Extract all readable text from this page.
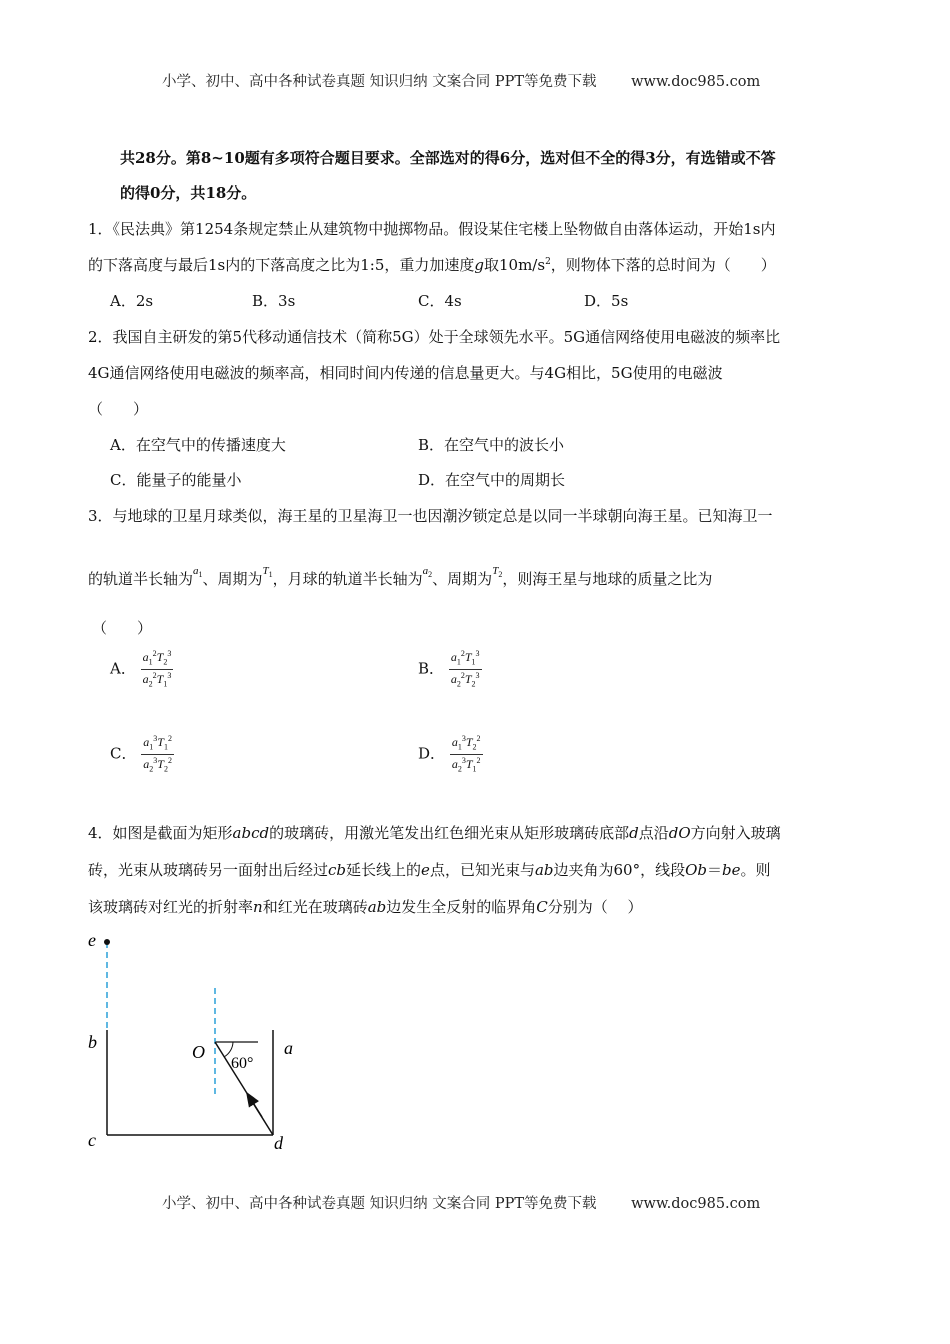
小学、初中、高中各种试卷真题 知识归纳 文案合同 PPT等免费下载 www.doc985.com
共28分。第8~10题有多项符合题目要求。全部选对的得6分，选对但不全的得3分，有选错或不答
的得0分，共18分。
1．《民法典》第1254条规定禁止从建筑物中抛掷物品。假设某住宅楼上坠物做自由落体运动，开始1s内
的下落高度与最后1s内的下落高度之比为1:5，重力加速度g取$10m/s^2$，则物体下落的总时间为（　　）
A．2s	B．3s	C．4s	D．5s
2．我国自主研发的第5代移动通信技术（简称5G）处于全球领先水平。5G通信网络使用电磁波的频率比
4G通信网络使用电磁波的频率高，相同时间内传递的信息量更大。与4G相比，5G使用的电磁波
（　　）
A．在空气中的传播速度大	B．在空气中的波长小
C．能量子的能量小	D．在空气中的周期长
3．与地球的卫星月球类似，海王星的卫星海卫一也因潮汐锁定总是以同一半球朝向海王星。已知海卫一
的轨道半长轴为$^{a_1}$、周期为$^{T_1}$，月球的轨道半长轴为$^{a_2}$、周期为$^{T_2}$，则海王星与地球的质量之比为
（　　）
A． $\frac{a_1^2T_2^3}{a_2^2T_1^3}$	B． $\frac{a_1^2T_1^3}{a_2^2T_2^3}$
C． $\frac{a_1^3T_1^2}{a_2^3T_2^2}$	D． $\frac{a_1^3T_2^2}{a_2^3T_1^2}$
4．如图是截面为矩形abcd的玻璃砖，用激光笔发出红色细光束从矩形玻璃砖底部d点沿dO方向射入玻璃
砖，光束从玻璃砖另一面射出后经过cb延长线上的e点，已知光束与ab边夹角为60°，线段Ob＝be。则
该玻璃砖对红光的折射率n和红光在玻璃砖ab边发生全反射的临界角C分别为（　 ）
e
b
c	d
O	a
60°
小学、初中、高中各种试卷真题 知识归纳 文案合同 PPT等免费下载 www.doc985.com
